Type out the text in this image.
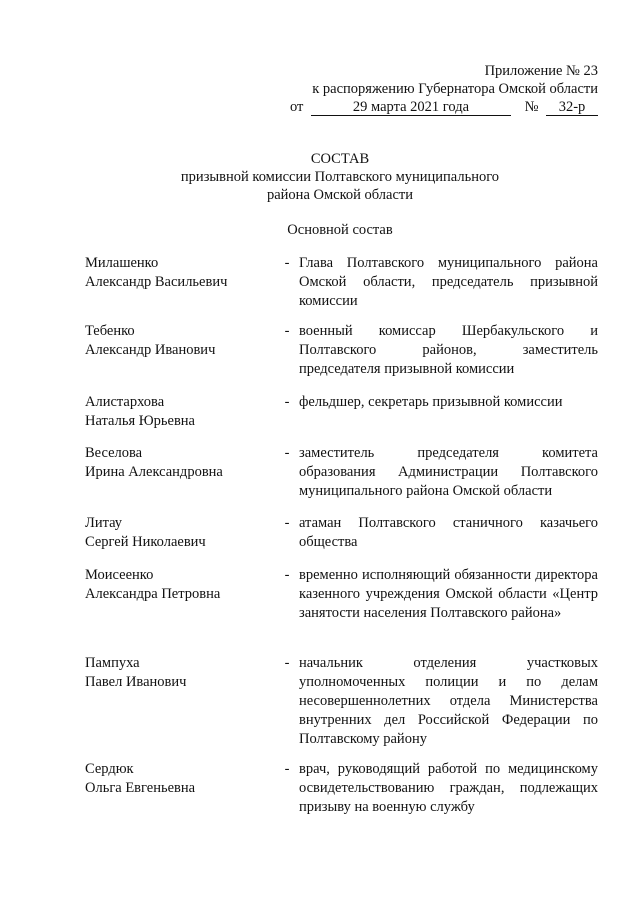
Приложение № 23
к распоряжению Губернатора Омской области
от	29 марта 2021 года	№	32-р
СОСТАВ
призывной комиссии Полтавского муниципального
района Омской области
Основной состав
Милашенко
Александр Васильевич
- Глава Полтавского муниципального района Омской области, председатель призывной комиссии
Тебенко
Александр Иванович
- военный комиссар Шербакульского и Полтавского районов, заместитель председателя призывной комиссии
Алистархова
Наталья Юрьевна
- фельдшер, секретарь призывной комиссии
Веселова
Ирина Александровна
- заместитель председателя комитета образования Администрации Полтавского муниципального района Омской области
Литау
Сергей Николаевич
- атаман Полтавского станичного казачьего общества
Моисеенко
Александра Петровна
- временно исполняющий обязанности директора казенного учреждения Омской области «Центр занятости населения Полтавского района»
Пампуха
Павел Иванович
- начальник отделения участковых уполномоченных полиции и по делам несовершеннолетних отдела Министерства внутренних дел Российской Федерации по Полтавскому району
Сердюк
Ольга Евгеньевна
- врач, руководящий работой по медицинскому освидетельствованию граждан, подлежащих призыву на военную службу
